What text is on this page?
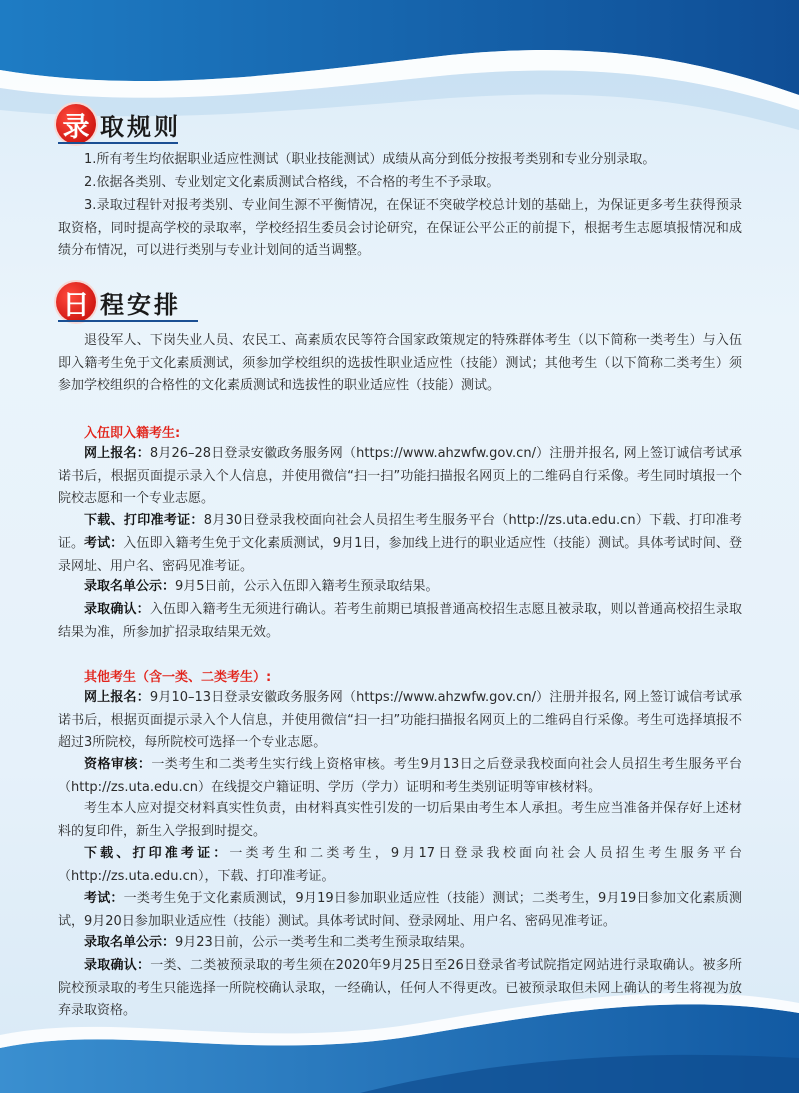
录 取规则
1.所有考生均依据职业适应性测试（职业技能测试）成绩从高分到低分按报考类别和专业分别录取。
2.依据各类别、专业划定文化素质测试合格线，不合格的考生不予录取。
3.录取过程针对报考类别、专业间生源不平衡情况，在保证不突破学校总计划的基础上，为保证更多考生获得预录取资格，同时提高学校的录取率，学校经招生委员会讨论研究，在保证公平公正的前提下，根据考生志愿填报情况和成绩分布情况，可以进行类别与专业计划间的适当调整。
日 程安排
退役军人、下岗失业人员、农民工、高素质农民等符合国家政策规定的特殊群体考生（以下简称一类考生）与入伍即入籍考生免于文化素质测试，须参加学校组织的选拔性职业适应性（技能）测试；其他考生（以下简称二类考生）须参加学校组织的合格性的文化素质测试和选拔性的职业适应性（技能）测试。
入伍即入籍考生:
网上报名：8月26–28日登录安徽政务服务网（https://www.ahzwfw.gov.cn/）注册并报名, 网上签订诚信考试承诺书后，根据页面提示录入个人信息，并使用微信“扫一扫”功能扫描报名网页上的二维码自行采像。考生同时填报一个院校志愿和一个专业志愿。
下载、打印准考证：8月30日登录我校面向社会人员招生考生服务平台（http://zs.uta.edu.cn）下载、打印准考证。 考试：入伍即入籍考生免于文化素质测试，9月1日，参加线上进行的职业适应性（技能）测试。具体考试时间、登录网址、用户名、密码见准考证。
录取名单公示：9月5日前，公示入伍即入籍考生预录取结果。
录取确认：入伍即入籍考生无须进行确认。若考生前期已填报普通高校招生志愿且被录取，则以普通高校招生录取结果为准，所参加扩招录取结果无效。
其他考生（含一类、二类考生）:
网上报名：9月10–13日登录安徽政务服务网（https://www.ahzwfw.gov.cn/）注册并报名, 网上签订诚信考试承诺书后，根据页面提示录入个人信息，并使用微信“扫一扫”功能扫描报名网页上的二维码自行采像。考生可选择填报不超过3所院校，每所院校可选择一个专业志愿。
资格审核：一类考生和二类考生实行线上资格审核。考生9月13日之后登录我校面向社会人员招生考生服务平台（http://zs.uta.edu.cn）在线提交户籍证明、学历（学力）证明和考生类别证明等审核材料。
考生本人应对提交材料真实性负责，由材料真实性引发的一切后果由考生本人承担。考生应当准备并保存好上述材料的复印件，新生入学报到时提交。
下载、打印准考证：一类考生和二类考生，9月17日登录我校面向社会人员招生考生服务平台（http://zs.uta.edu.cn），下载、打印准考证。
考试：一类考生免于文化素质测试，9月19日参加职业适应性（技能）测试；二类考生，9月19日参加文化素质测试，9月20日参加职业适应性（技能）测试。具体考试时间、登录网址、用户名、密码见准考证。
录取名单公示：9月23日前，公示一类考生和二类考生预录取结果。
录取确认：一类、二类被预录取的考生须在2020年9月25日至26日登录省考试院指定网站进行录取确认。被多所院校预录取的考生只能选择一所院校确认录取，一经确认，任何人不得更改。已被预录取但未网上确认的考生将视为放弃录取资格。
